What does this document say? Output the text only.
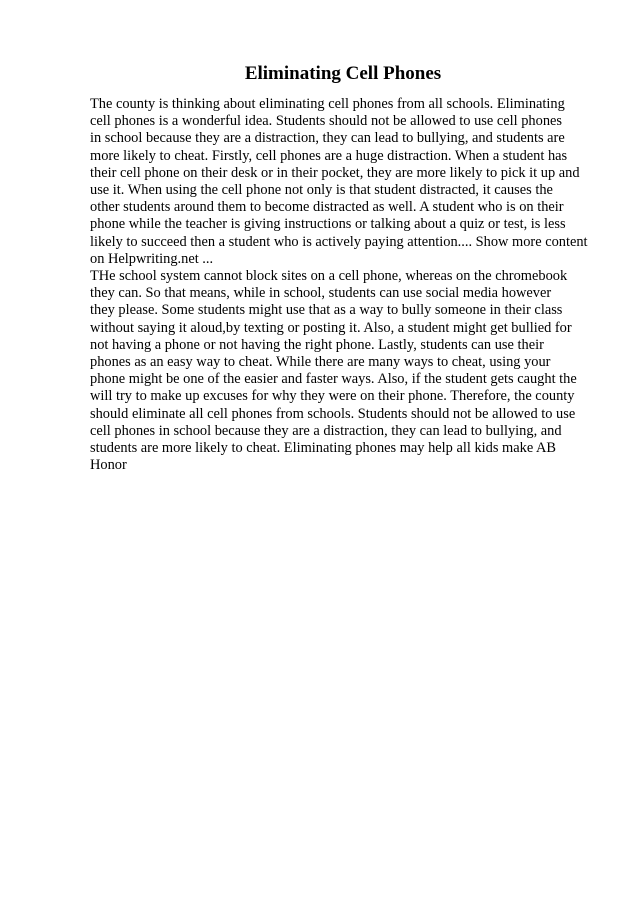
Eliminating Cell Phones
The county is thinking about eliminating cell phones from all schools. Eliminating
cell phones is a wonderful idea. Students should not be allowed to use cell phones
in school because they are a distraction, they can lead to bullying, and students are
more likely to cheat. Firstly, cell phones are a huge distraction. When a student has
their cell phone on their desk or in their pocket, they are more likely to pick it up and
use it. When using the cell phone not only is that student distracted, it causes the
other students around them to become distracted as well. A student who is on their
phone while the teacher is giving instructions or talking about a quiz or test, is less
likely to succeed then a student who is actively paying attention.... Show more content
on Helpwriting.net ...
THe school system cannot block sites on a cell phone, whereas on the chromebook
they can. So that means, while in school, students can use social media however
they please. Some students might use that as a way to bully someone in their class
without saying it aloud,by texting or posting it. Also, a student might get bullied for
not having a phone or not having the right phone. Lastly, students can use their
phones as an easy way to cheat. While there are many ways to cheat, using your
phone might be one of the easier and faster ways. Also, if the student gets caught the
will try to make up excuses for why they were on their phone. Therefore, the county
should eliminate all cell phones from schools. Students should not be allowed to use
cell phones in school because they are a distraction, they can lead to bullying, and
students are more likely to cheat. Eliminating phones may help all kids make AB
Honor
